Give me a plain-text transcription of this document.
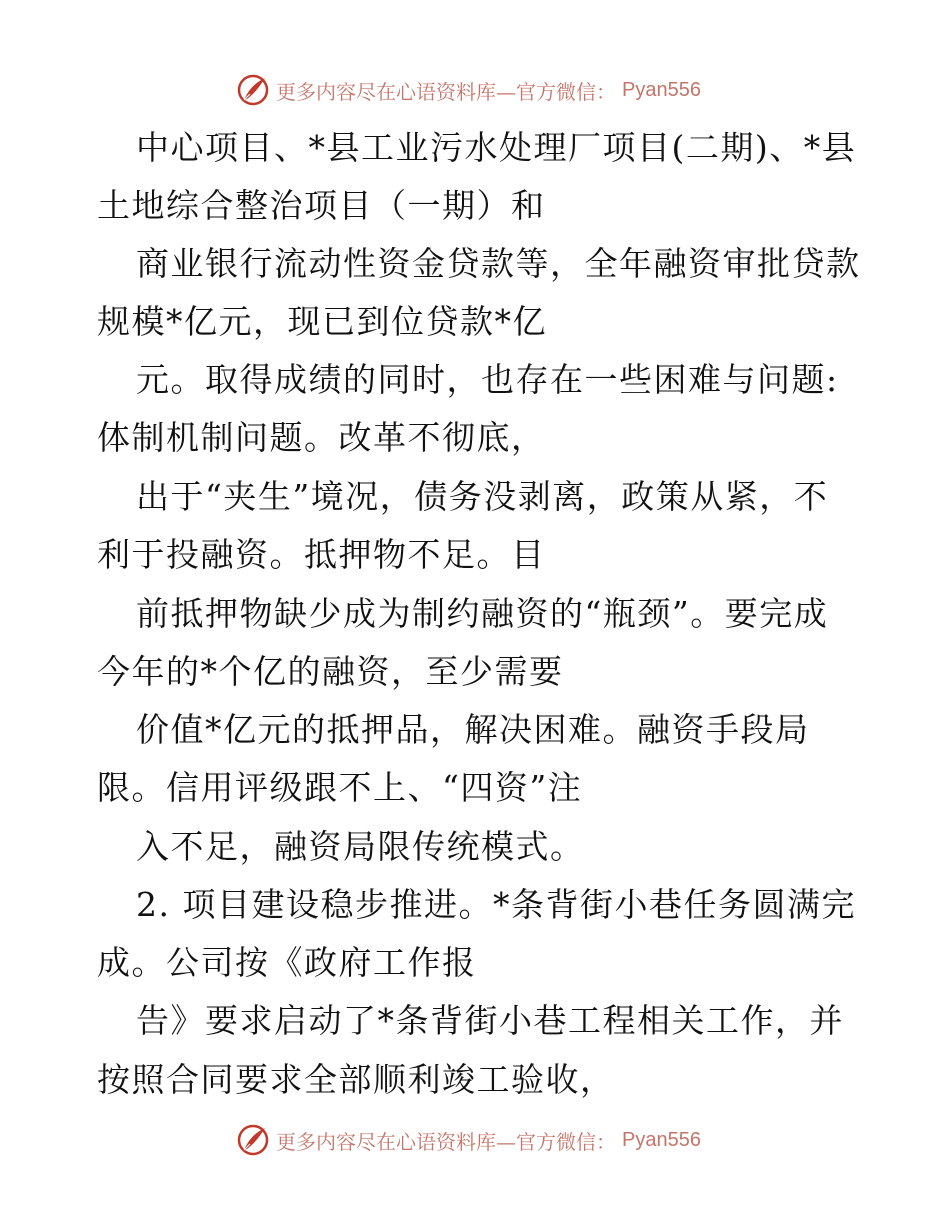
更多内容尽在心语资料库—官方微信： Pyan556
中心项目、*县工业污水处理厂项目(二期)、*县
土地综合整治项目（一期）和
商业银行流动性资金贷款等，全年融资审批贷款
规模*亿元，现已到位贷款*亿
元。取得成绩的同时，也存在一些困难与问题:
体制机制问题。改革不彻底，
出于“夹生”境况，债务没剥离，政策从紧，不
利于投融资。抵押物不足。目
前抵押物缺少成为制约融资的“瓶颈”。要完成
今年的*个亿的融资，至少需要
价值*亿元的抵押品，解决困难。融资手段局
限。信用评级跟不上、“四资”注
入不足，融资局限传统模式。
2. 项目建设稳步推进。*条背街小巷任务圆满完
成。公司按《政府工作报
告》要求启动了*条背街小巷工程相关工作，并
按照合同要求全部顺利竣工验收，
更多内容尽在心语资料库—官方微信： Pyan556
